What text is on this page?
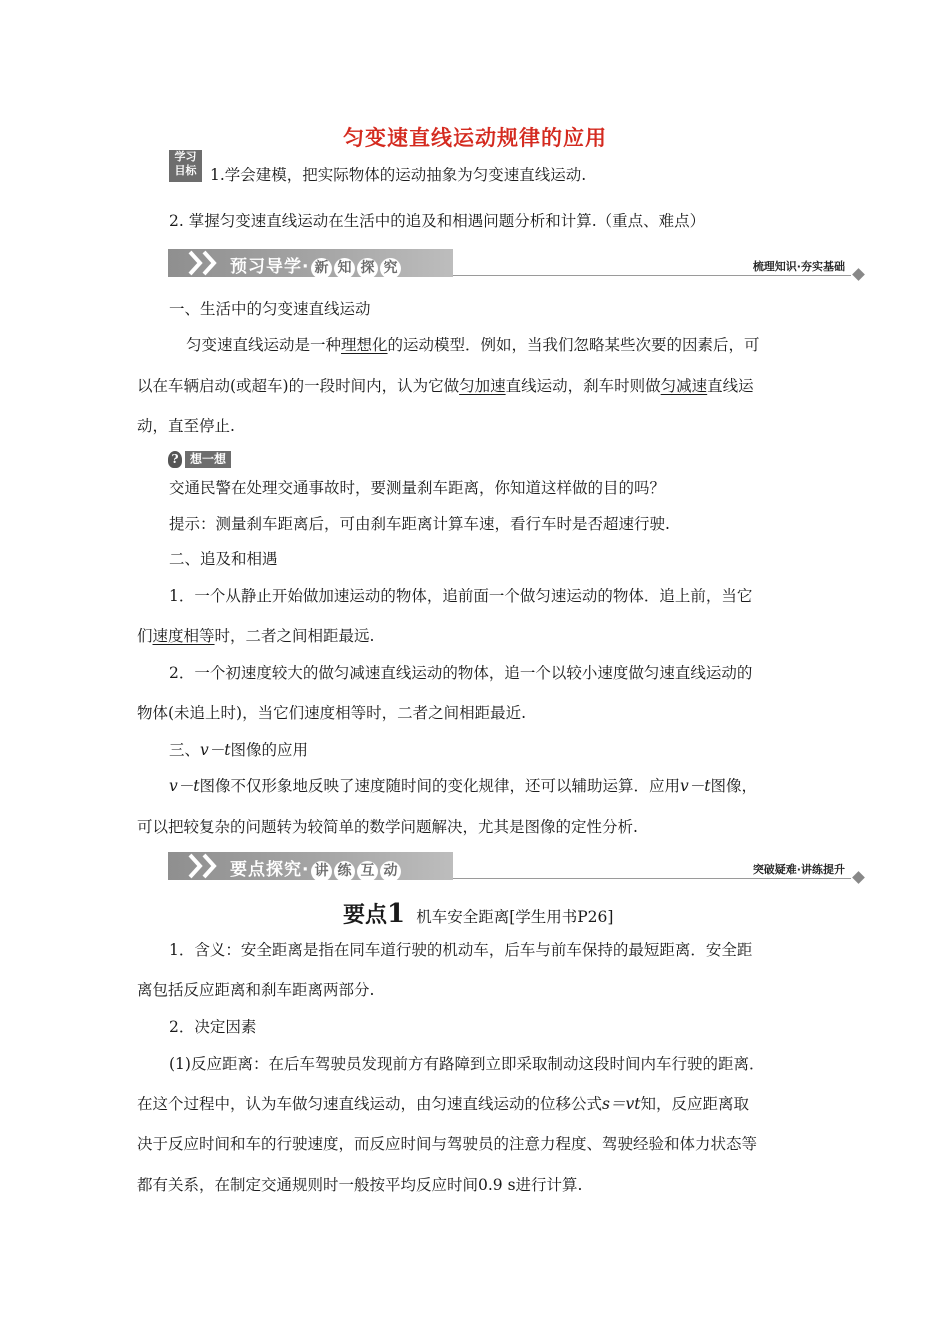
匀变速直线运动规律的应用
学习
目标 1.学会建模，把实际物体的运动抽象为匀变速直线运动.
2. 掌握匀变速直线运动在生活中的追及和相遇问题分析和计算.（重点、难点）
预习导学· 新 知 探 究	梳理知识·夯实基础
一、生活中的匀变速直线运动
匀变速直线运动是一种理想化的运动模型．例如，当我们忽略某些次要的因素后，可
以在车辆启动(或超车)的一段时间内，认为它做匀加速直线运动，刹车时则做匀减速直线运
动，直至停止.
? 想一想
交通民警在处理交通事故时，要测量刹车距离，你知道这样做的目的吗？
提示：测量刹车距离后，可由刹车距离计算车速，看行车时是否超速行驶.
二、追及和相遇
1．一个从静止开始做加速运动的物体，追前面一个做匀速运动的物体．追上前，当它
们速度相等时，二者之间相距最远.
2．一个初速度较大的做匀减速直线运动的物体，追一个以较小速度做匀速直线运动的
物体(未追上时)，当它们速度相等时，二者之间相距最近.
三、v－t图像的应用
v－t图像不仅形象地反映了速度随时间的变化规律，还可以辅助运算．应用v－t图像，
可以把较复杂的问题转为较简单的数学问题解决，尤其是图像的定性分析.
要点探究· 讲 练 互 动	突破疑难·讲练提升
要点1 机车安全距离[学生用书P26]
1．含义：安全距离是指在同车道行驶的机动车，后车与前车保持的最短距离．安全距
离包括反应距离和刹车距离两部分.
2．决定因素
(1)反应距离：在后车驾驶员发现前方有路障到立即采取制动这段时间内车行驶的距离．
在这个过程中，认为车做匀速直线运动，由匀速直线运动的位移公式s＝vt知，反应距离取
决于反应时间和车的行驶速度，而反应时间与驾驶员的注意力程度、驾驶经验和体力状态等
都有关系，在制定交通规则时一般按平均反应时间0.9 s进行计算.
